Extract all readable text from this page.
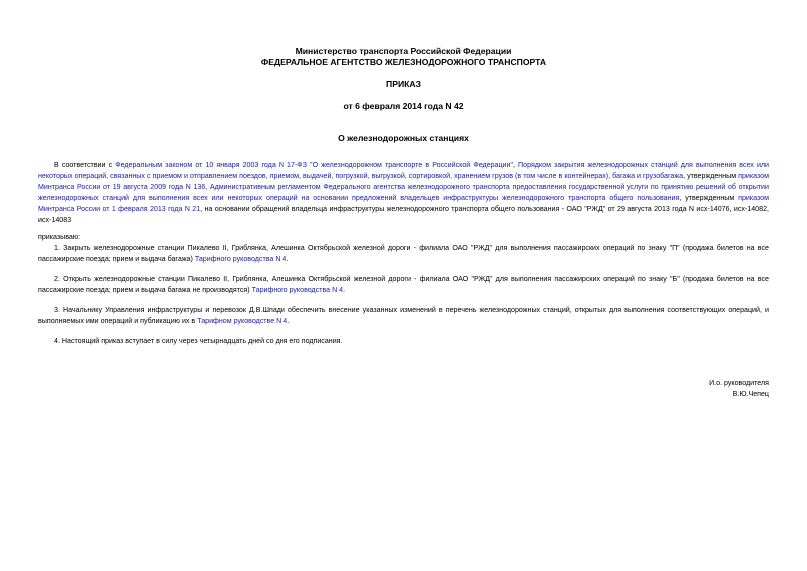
Министерство транспорта Российской Федерации
ФЕДЕРАЛЬНОЕ АГЕНТСТВО ЖЕЛЕЗНОДОРОЖНОГО ТРАНСПОРТА
ПРИКАЗ
от 6 февраля 2014 года N 42
О железнодорожных станциях

В соответствии с Федеральным законом от 10 января 2003 года N 17-ФЗ "О железнодорожном транспорте в Российской Федерации", Порядком закрытия железнодорожных станций для выполнения всех или некоторых операций, связанных с приемом и отправлением поездов, приемом, выдачей, погрузкой, выгрузкой, сортировкой, хранением грузов (в том числе в контейнерах), багажа и грузобагажа, утвержденным приказом Минтранса России от 19 августа 2009 года N 136, Административным регламентом Федерального агентства железнодорожного транспорта предоставления государственной услуги по принятию решений об открытии железнодорожных станций для выполнения всех или некоторых операций на основании предложений владельцев инфраструктуры железнодорожного транспорта общего пользования, утвержденным приказом Минтранса России от 1 февраля 2013 года N 21, на основании обращений владельца инфраструктуры железнодорожного транспорта общего пользования - ОАО "РЖД" от 29 августа 2013 года N исх-14076, исх-14082, исх-14083

приказываю:

1. Закрыть железнодорожные станции Пикалево II, Гриблянка, Алешинка Октябрьской железной дороги - филиала ОАО "РЖД" для выполнения пассажирских операций по знаку "П" (продажа билетов на все пассажирские поезда; прием и выдача багажа) Тарифного руководства N 4.

2. Открыть железнодорожные станции Пикалево II, Гриблянка, Алешинка Октябрьской железной дороги - филиала ОАО "РЖД" для выполнения пассажирских операций по знаку "Б" (продажа билетов на все пассажирские поезда; прием и выдача багажа не производятся) Тарифного руководства N 4.

3. Начальнику Управления инфраструктуры и перевозок Д.В.Шпади обеспечить внесение указанных изменений в перечень железнодорожных станций, открытых для выполнения соответствующих операций, и выполняемых ими операций и публикацию их в Тарифном руководстве N 4.

4. Настоящий приказ вступает в силу через четырнадцать дней со дня его подписания.

И.о. руководителя
В.Ю.Чепец
